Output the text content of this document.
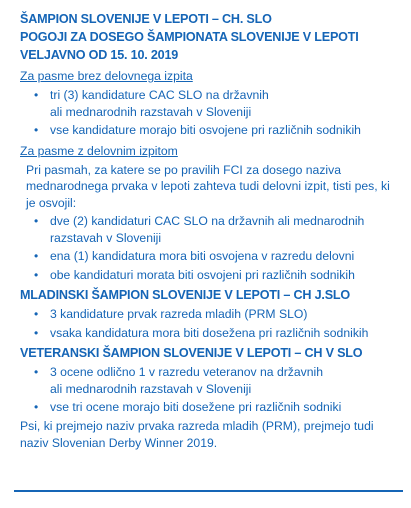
ŠAMPION SLOVENIJE V LEPOTI – CH. SLO
POGOJI ZA DOSEGO ŠAMPIONATA SLOVENIJE V LEPOTI
VELJAVNO OD 15. 10. 2019
Za pasme brez delovnega izpita
• tri (3) kandidature CAC SLO na državnih
ali mednarodnih razstavah v Sloveniji
• vse kandidature morajo biti osvojene pri različnih sodnikih
Za pasme z delovnim izpitom
Pri pasmah, za katere se po pravilih FCI za dosego naziva mednarodnega prvaka v lepoti zahteva tudi delovni izpit, tisti pes, ki je osvojil:
• dve (2) kandidaturi CAC SLO na državnih ali mednarodnih razstavah v Sloveniji
• ena (1) kandidatura mora biti osvojena v razredu delovni
• obe kandidaturi morata biti osvojeni pri različnih sodnikih
MLADINSKI ŠAMPION SLOVENIJE V LEPOTI – CH J.SLO
• 3 kandidature prvak razreda mladih (PRM SLO)
• vsaka kandidatura mora biti dosežena pri različnih sodnikih
VETERANSKI ŠAMPION SLOVENIJE V LEPOTI – CH V SLO
• 3 ocene odlično 1 v razredu veteranov na državnih
ali mednarodnih razstavah v Sloveniji
• vse tri ocene morajo biti dosežene pri različnih sodniki
Psi, ki prejmejo naziv prvaka razreda mladih (PRM), prejmejo tudi naziv Slovenian Derby Winner 2019.
